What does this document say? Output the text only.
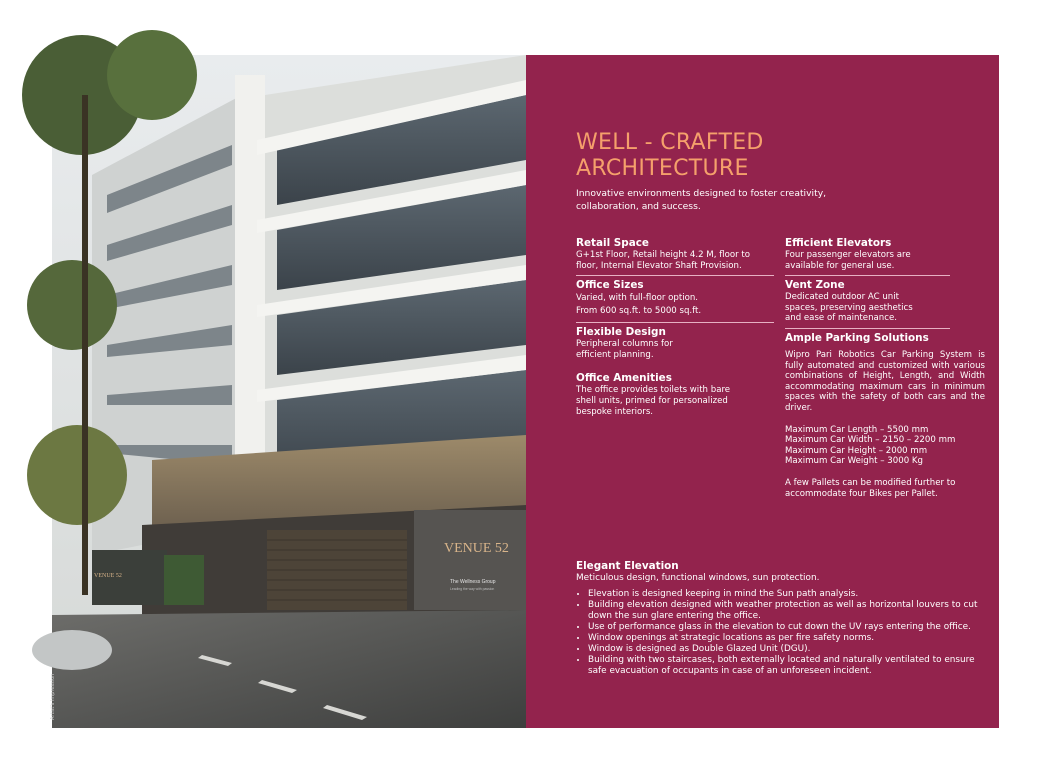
VENUE 52
The Wellness Group
Leading the way with passion
VENUE 52
Artist's Impression
WELL - CRAFTED
ARCHITECTURE
Innovative environments designed to foster creativity, collaboration, and success.
Retail Space

G+1st Floor, Retail height 4.2 M, floor to floor, Internal Elevator Shaft Provision.

Office Sizes

Varied, with full-floor option.

From 600 sq.ft. to 5000 sq.ft.

Flexible Design

Peripheral columns for efficient planning.

Office Amenities

The office provides toilets with bare shell units, primed for personalized bespoke interiors.

Efficient Elevators

Four passenger elevators are available for general use.

Vent Zone

Dedicated outdoor AC unit spaces, preserving aesthetics and ease of maintenance.

Ample Parking Solutions

Wipro Pari Robotics Car Parking System is fully automated and customized with various combinations of Height, Length, and Width accommodating maximum cars in minimum spaces with the safety of both cars and the driver.

Maximum Car Length – 5500 mm

Maximum Car Width – 2150 – 2200 mm

Maximum Car Height – 2000 mm

Maximum Car Weight – 3000 Kg

A few Pallets can be modified further to accommodate four Bikes per Pallet.

Elegant Elevation
Meticulous design, functional windows, sun protection.
• Elevation is designed keeping in mind the Sun path analysis.
• Building elevation designed with weather protection as well as horizontal louvers to cut down the sun glare entering the office.
• Use of performance glass in the elevation to cut down the UV rays entering the office.
• Window openings at strategic locations as per fire safety norms.
• Window is designed as Double Glazed Unit (DGU).
• Building with two staircases, both externally located and naturally ventilated to ensure safe evacuation of occupants in case of an unforeseen incident.
